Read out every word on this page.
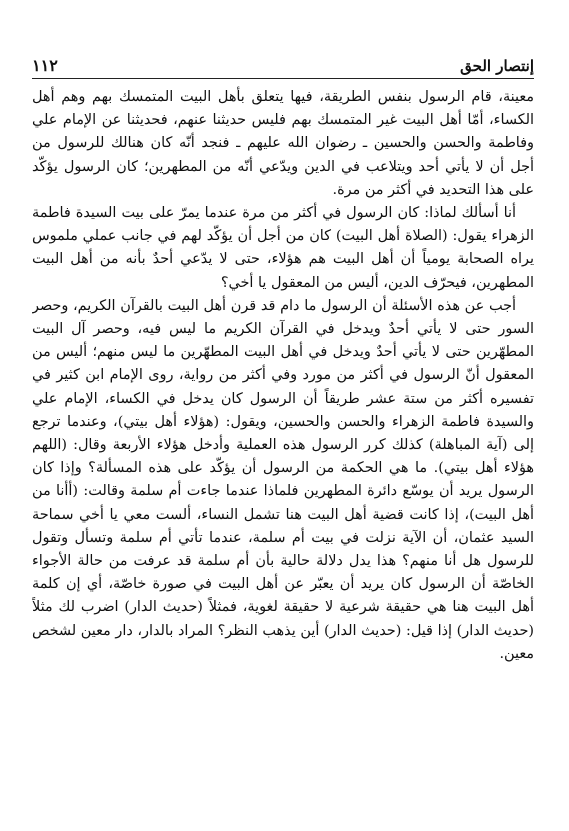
إنتصار الحق
١١٢

معينة، قام الرسول بنفس الطريقة، فيها يتعلق بأهل البيت المتمسك بهم وهم أهل الكساء، أمّا أهل البيت غير المتمسك بهم فليس حديثنا عنهم، فحديثنا عن الإمام علي وفاطمة والحسن والحسين ـ رضوان الله عليهم ـ فنجد أنّه كان هنالك للرسول من أجل أن لا يأتي أحد ويتلاعب في الدين ويدّعي أنّه من المطهرين؛ كان الرسول يؤكّد على هذا التحديد في أكثر من مرة.

أنا أسألك لماذا: كان الرسول في أكثر من مرة عندما يمرّ على بيت السيدة فاطمة الزهراء يقول: (الصلاة أهل البيت) كان من أجل أن يؤكّد لهم في جانب عملي ملموس يراه الصحابة يومياً أن أهل البيت هم هؤلاء، حتى لا يدّعي أحدٌ بأنه من أهل البيت المطهرين، فيحرّف الدين، أليس من المعقول يا أخي؟

أجب عن هذه الأسئلة أن الرسول ما دام قد قرن أهل البيت بالقرآن الكريم، وحصر السور حتى لا يأتي أحدٌ ويدخل في القرآن الكريم ما ليس فيه، وحصر آل البيت المطهّرين حتى لا يأتي أحدٌ ويدخل في أهل البيت المطهّرين ما ليس منهم؛ أليس من المعقول أنّ الرسول في أكثر من مورد وفي أكثر من رواية، روى الإمام ابن كثير في تفسيره أكثر من ستة عشر طريقاً أن الرسول كان يدخل في الكساء، الإمام علي والسيدة فاطمة الزهراء والحسن والحسين، ويقول: (هؤلاء أهل بيتي)، وعندما ترجع إلى (آية المباهلة) كذلك كرر الرسول هذه العملية وأدخل هؤلاء الأربعة وقال: (اللهم هؤلاء أهل بيتي). ما هي الحكمة من الرسول أن يؤكّد على هذه المسألة؟ وإذا كان الرسول يريد أن يوسّع دائرة المطهرين فلماذا عندما جاءت أم سلمة وقالت: (أأنا من أهل البيت)، إذا كانت قضية أهل البيت هنا تشمل النساء، ألست معي يا أخي سماحة السيد عثمان، أن الآية نزلت في بيت أم سلمة، عندما تأتي أم سلمة وتسأل وتقول للرسول هل أنا منهم؟ هذا يدل دلالة حالية بأن أم سلمة قد عرفت من حالة الأجواء الخاصّة أن الرسول كان يريد أن يعبّر عن أهل البيت في صورة خاصّة، أي إن كلمة أهل البيت هنا هي حقيقة شرعية لا حقيقة لغوية، فمثلاً (حديث الدار) اضرب لك مثلاً (حديث الدار) إذا قيل: (حديث الدار) أين يذهب النظر؟ المراد بالدار، دار معين لشخص معين.
